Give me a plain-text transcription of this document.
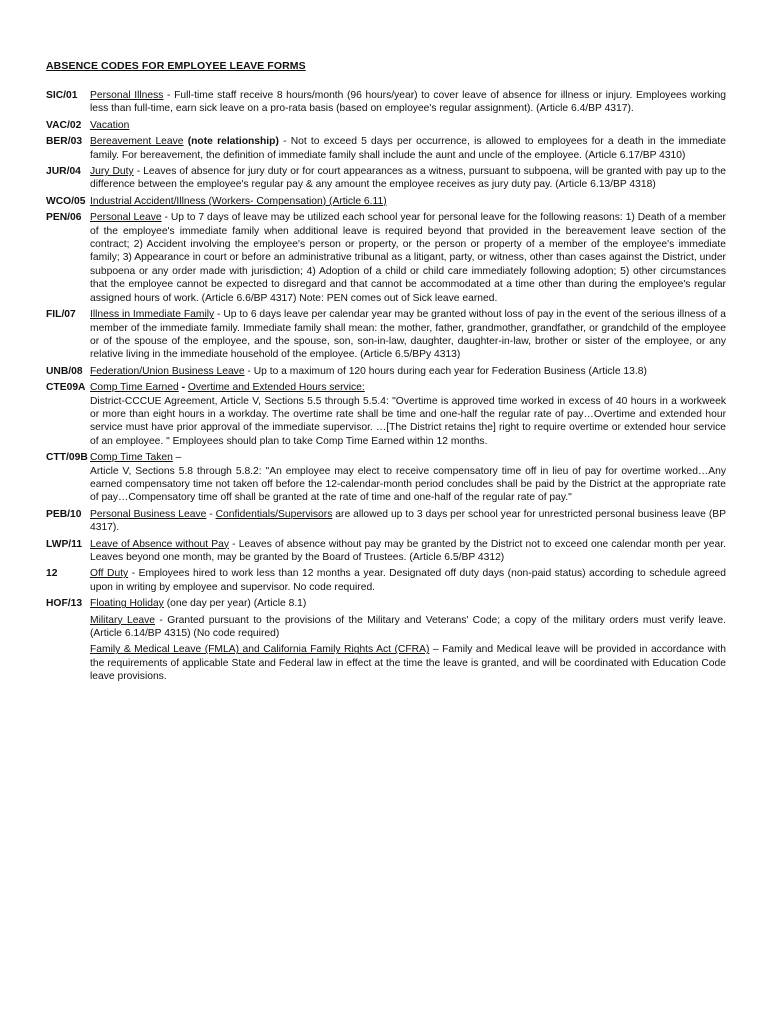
ABSENCE CODES FOR EMPLOYEE LEAVE FORMS
SIC/01	Personal Illness - Full-time staff receive 8 hours/month (96 hours/year) to cover leave of absence for illness or injury. Employees working less than full-time, earn sick leave on a pro-rata basis (based on employee's regular assignment). (Article 6.4/BP 4317).
VAC/02 Vacation
BER/03 Bereavement Leave (note relationship) - Not to exceed 5 days per occurrence, is allowed to employees for a death in the immediate family. For bereavement, the definition of immediate family shall include the aunt and uncle of the employee. (Article 6.17/BP 4310)
JUR/04 Jury Duty - Leaves of absence for jury duty or for court appearances as a witness, pursuant to subpoena, will be granted with pay up to the difference between the employee's regular pay & any amount the employee receives as jury duty pay. (Article 6.13/BP 4318)
WCO/05 Industrial Accident/Illness (Workers- Compensation) (Article 6.11)
PEN/06 Personal Leave - Up to 7 days of leave may be utilized each school year for personal leave for the following reasons: 1) Death of a member of the employee's immediate family when additional leave is required beyond that provided in the bereavement leave section of the contract; 2) Accident involving the employee's person or property, or the person or property of a member of the employee's immediate family; 3) Appearance in court or before an administrative tribunal as a litigant, party, or witness, other than cases against the District, under subpoena or any order made with jurisdiction; 4) Adoption of a child or child care immediately following adoption; 5) other circumstances that the employee cannot be expected to disregard and that cannot be accommodated at a time other than during the employee's regular assigned hours of work. (Article 6.6/BP 4317) Note: PEN comes out of Sick leave earned.
FIL/07	Illness in Immediate Family - Up to 6 days leave per calendar year may be granted without loss of pay in the event of the serious illness of a member of the immediate family. Immediate family shall mean: the mother, father, grandmother, grandfather, or grandchild of the employee or of the spouse of the employee, and the spouse, son, son-in-law, daughter, daughter-in-law, brother or sister of the employee, or any relative living in the immediate household of the employee. (Article 6.5/BPy 4313)
UNB/08 Federation/Union Business Leave - Up to a maximum of 120 hours during each year for Federation Business (Article 13.8)
CTE09A Comp Time Earned - Overtime and Extended Hours service:
District-CCCUE Agreement, Article V, Sections 5.5 through 5.5.4: "Overtime is approved time worked in excess of 40 hours in a workweek or more than eight hours in a workday. The overtime rate shall be time and one-half the regular rate of pay…Overtime and extended hour service must have prior approval of the immediate supervisor. …[The District retains the] right to require overtime or extended hour service of an employee. " Employees should plan to take Comp Time Earned within 12 months.
CTT/09B Comp Time Taken –
Article V, Sections 5.8 through 5.8.2: "An employee may elect to receive compensatory time off in lieu of pay for overtime worked…Any earned compensatory time not taken off before the 12-calendar-month period concludes shall be paid by the District at the appropriate rate of pay…Compensatory time off shall be granted at the rate of time and one-half of the regular rate of pay."
PEB/10 Personal Business Leave - Confidentials/Supervisors are allowed up to 3 days per school year for unrestricted personal business leave (BP 4317).
LWP/11 Leave of Absence without Pay - Leaves of absence without pay may be granted by the District not to exceed one calendar month per year. Leaves beyond one month, may be granted by the Board of Trustees. (Article 6.5/BP 4312)
12	Off Duty - Employees hired to work less than 12 months a year. Designated off duty days (non-paid status) according to schedule agreed upon in writing by employee and supervisor. No code required.
HOF/13 Floating Holiday (one day per year) (Article 8.1)
Military Leave - Granted pursuant to the provisions of the Military and Veterans' Code; a copy of the military orders must verify leave. (Article 6.14/BP 4315) (No code required)
Family & Medical Leave (FMLA) and California Family Rights Act (CFRA) – Family and Medical leave will be provided in accordance with the requirements of applicable State and Federal law in effect at the time the leave is granted, and will be coordinated with Education Code leave provisions.
